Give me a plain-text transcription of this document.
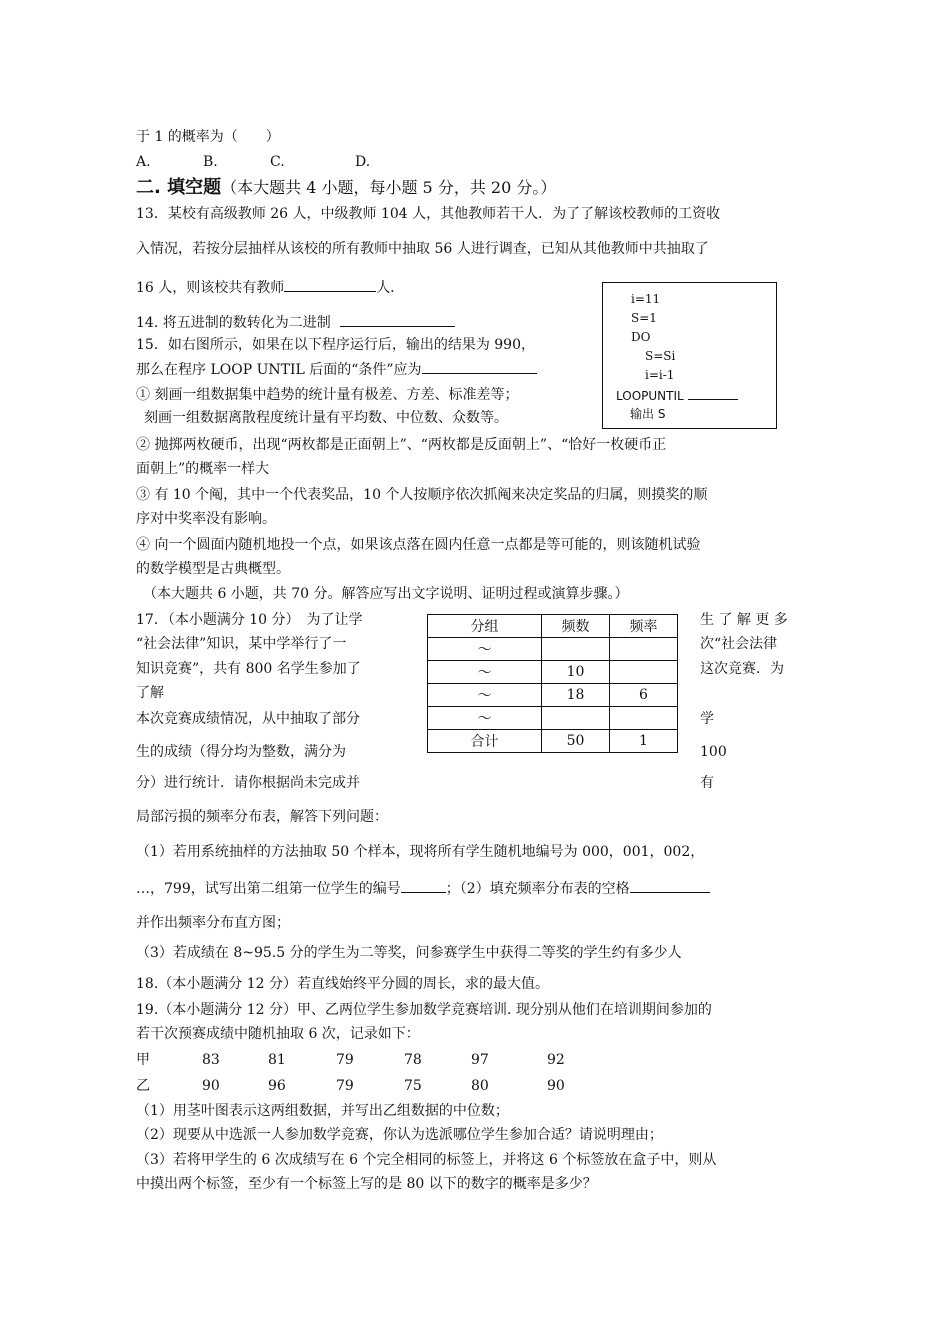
于 1 的概率为（　　）
A.	B.	C.	D.
二. 填空题（本大题共 4 小题，每小题 5 分，共 20 分。）
13．某校有高级教师 26 人，中级教师 104 人，其他教师若干人．为了了解该校教师的工资收
入情况，若按分层抽样从该校的所有教师中抽取 56 人进行调查，已知从其他教师中共抽取了
16 人，则该校共有教师	人．
14. 将五进制的数转化为二进制
15．如右图所示，如果在以下程序运行后，输出的结果为 990，
那么在程序 LOOP UNTIL 后面的“条件”应为
i=11
S=1
DO
S=Si
i=i-1
LOOPUNTIL
输出 S
① 刻画一组数据集中趋势的统计量有极差、方差、标准差等；
刻画一组数据离散程度统计量有平均数、中位数、众数等。
② 抛掷两枚硬币，出现“两枚都是正面朝上”、“两枚都是反面朝上”、“恰好一枚硬币正
面朝上”的概率一样大
③ 有 10 个阄，其中一个代表奖品，10 个人按顺序依次抓阄来决定奖品的归属，则摸奖的顺
序对中奖率没有影响。
④ 向一个圆面内随机地投一个点，如果该点落在圆内任意一点都是等可能的，则该随机试验
的数学模型是古典概型。
（本大题共 6 小题，共 70 分。解答应写出文字说明、证明过程或演算步骤。）
17．（本小题满分 10 分）　为了让学
“社会法律”知识，某中学举行了一
知识竞赛”，共有 800 名学生参加了
了解
本次竞赛成绩情况，从中抽取了部分
生的成绩（得分均为整数，满分为
分）进行统计．请你根据尚未完成并
生 了 解 更 多
次“社会法律
这次竞赛．为
学
100
有
分组	频数	频率
～		
～	10	
～	18	6
～		
合计	50	1
局部污损的频率分布表，解答下列问题：
（1）若用系统抽样的方法抽取 50 个样本，现将所有学生随机地编号为 000，001，002，
…，799，试写出第二组第一位学生的编号	；（2）填充频率分布表的空格
并作出频率分布直方图；
（3）若成绩在 8~95.5 分的学生为二等奖，问参赛学生中获得二等奖的学生约有多少人
18.（本小题满分 12 分）若直线始终平分圆的周长，求的最大值。
19.（本小题满分 12 分）甲、乙两位学生参加数学竞赛培训. 现分别从他们在培训期间参加的
若干次预赛成绩中随机抽取 6 次，记录如下：
甲	83	81	79	78	97	92
乙	90	96	79	75	80	90
（1）用茎叶图表示这两组数据，并写出乙组数据的中位数；
（2）现要从中选派一人参加数学竞赛，你认为选派哪位学生参加合适？请说明理由；
（3）若将甲学生的 6 次成绩写在 6 个完全相同的标签上，并将这 6 个标签放在盒子中，则从
中摸出两个标签，至少有一个标签上写的是 80 以下的数字的概率是多少？
